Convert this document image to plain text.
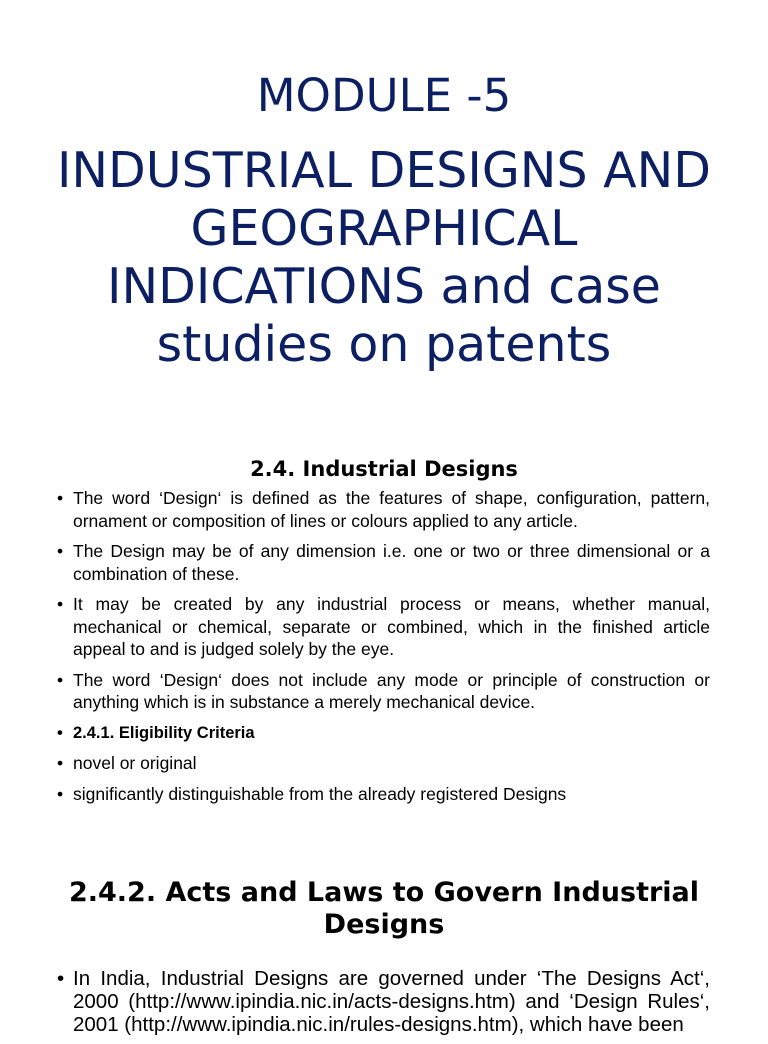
MODULE -5
INDUSTRIAL DESIGNS AND GEOGRAPHICAL INDICATIONS and case studies on patents
2.4. Industrial Designs
• The word ‘Design‘ is defined as the features of shape, configuration, pattern, ornament or composition of lines or colours applied to any article.
• The Design may be of any dimension i.e. one or two or three dimensional or a combination of these.
• It may be created by any industrial process or means, whether manual, mechanical or chemical, separate or combined, which in the finished article appeal to and is judged solely by the eye.
• The word ‘Design‘ does not include any mode or principle of construction or anything which is in substance a merely mechanical device.
• 2.4.1. Eligibility Criteria
• novel or original
• significantly distinguishable from the already registered Designs
2.4.2. Acts and Laws to Govern Industrial Designs
• In India, Industrial Designs are governed under ‘The Designs Act‘, 2000 (http://www.ipindia.nic.in/acts-designs.htm) and ‘Design Rules‘, 2001 (http://www.ipindia.nic.in/rules-designs.htm), which have been
